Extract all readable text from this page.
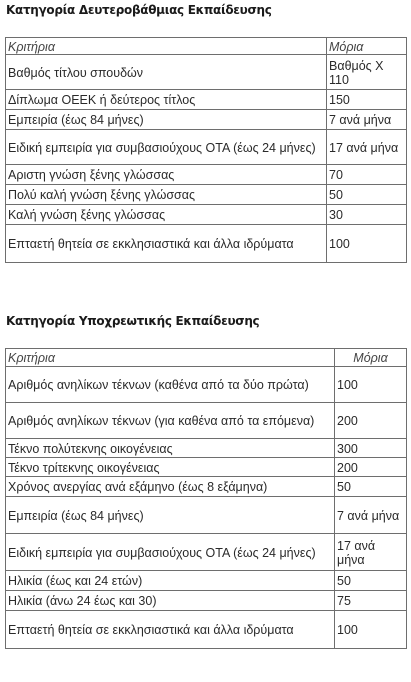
Κατηγορία Δευτεροβάθμιας Εκπαίδευσης
Κριτήρια	Μόρια
Βαθμός τίτλου σπουδών	Βαθμός X 110
Δίπλωμα ΟΕΕΚ ή δεύτερος τίτλος	150
Εμπειρία (έως 84 μήνες)	7 ανά μήνα
Ειδική εμπειρία για συμβασιούχους ΟΤΑ (έως 24 μήνες)	17 ανά μήνα
Αριστη γνώση ξένης γλώσσας	70
Πολύ καλή γνώση ξένης γλώσσας	50
Καλή γνώση ξένης γλώσσας	30
Επταετή θητεία σε εκκλησιαστικά και άλλα ιδρύματα	100
Κατηγορία Υποχρεωτικής Εκπαίδευσης
Κριτήρια	Μόρια
Αριθμός ανηλίκων τέκνων (καθένα από τα δύο πρώτα)	100
Αριθμός ανηλίκων τέκνων (για καθένα από τα επόμενα)	200
Τέκνο πολύτεκνης οικογένειας	300
Τέκνο τρίτεκνης οικογένειας	200
Χρόνος ανεργίας ανά εξάμηνο (έως 8 εξάμηνα)	50
Εμπειρία (έως 84 μήνες)	7 ανά μήνα
Ειδική εμπειρία για συμβασιούχους ΟΤΑ (έως 24 μήνες)	17 ανά μήνα
Ηλικία (έως και 24 ετών)	50
Ηλικία (άνω 24 έως και 30)	75
Επταετή θητεία σε εκκλησιαστικά και άλλα ιδρύματα	100
